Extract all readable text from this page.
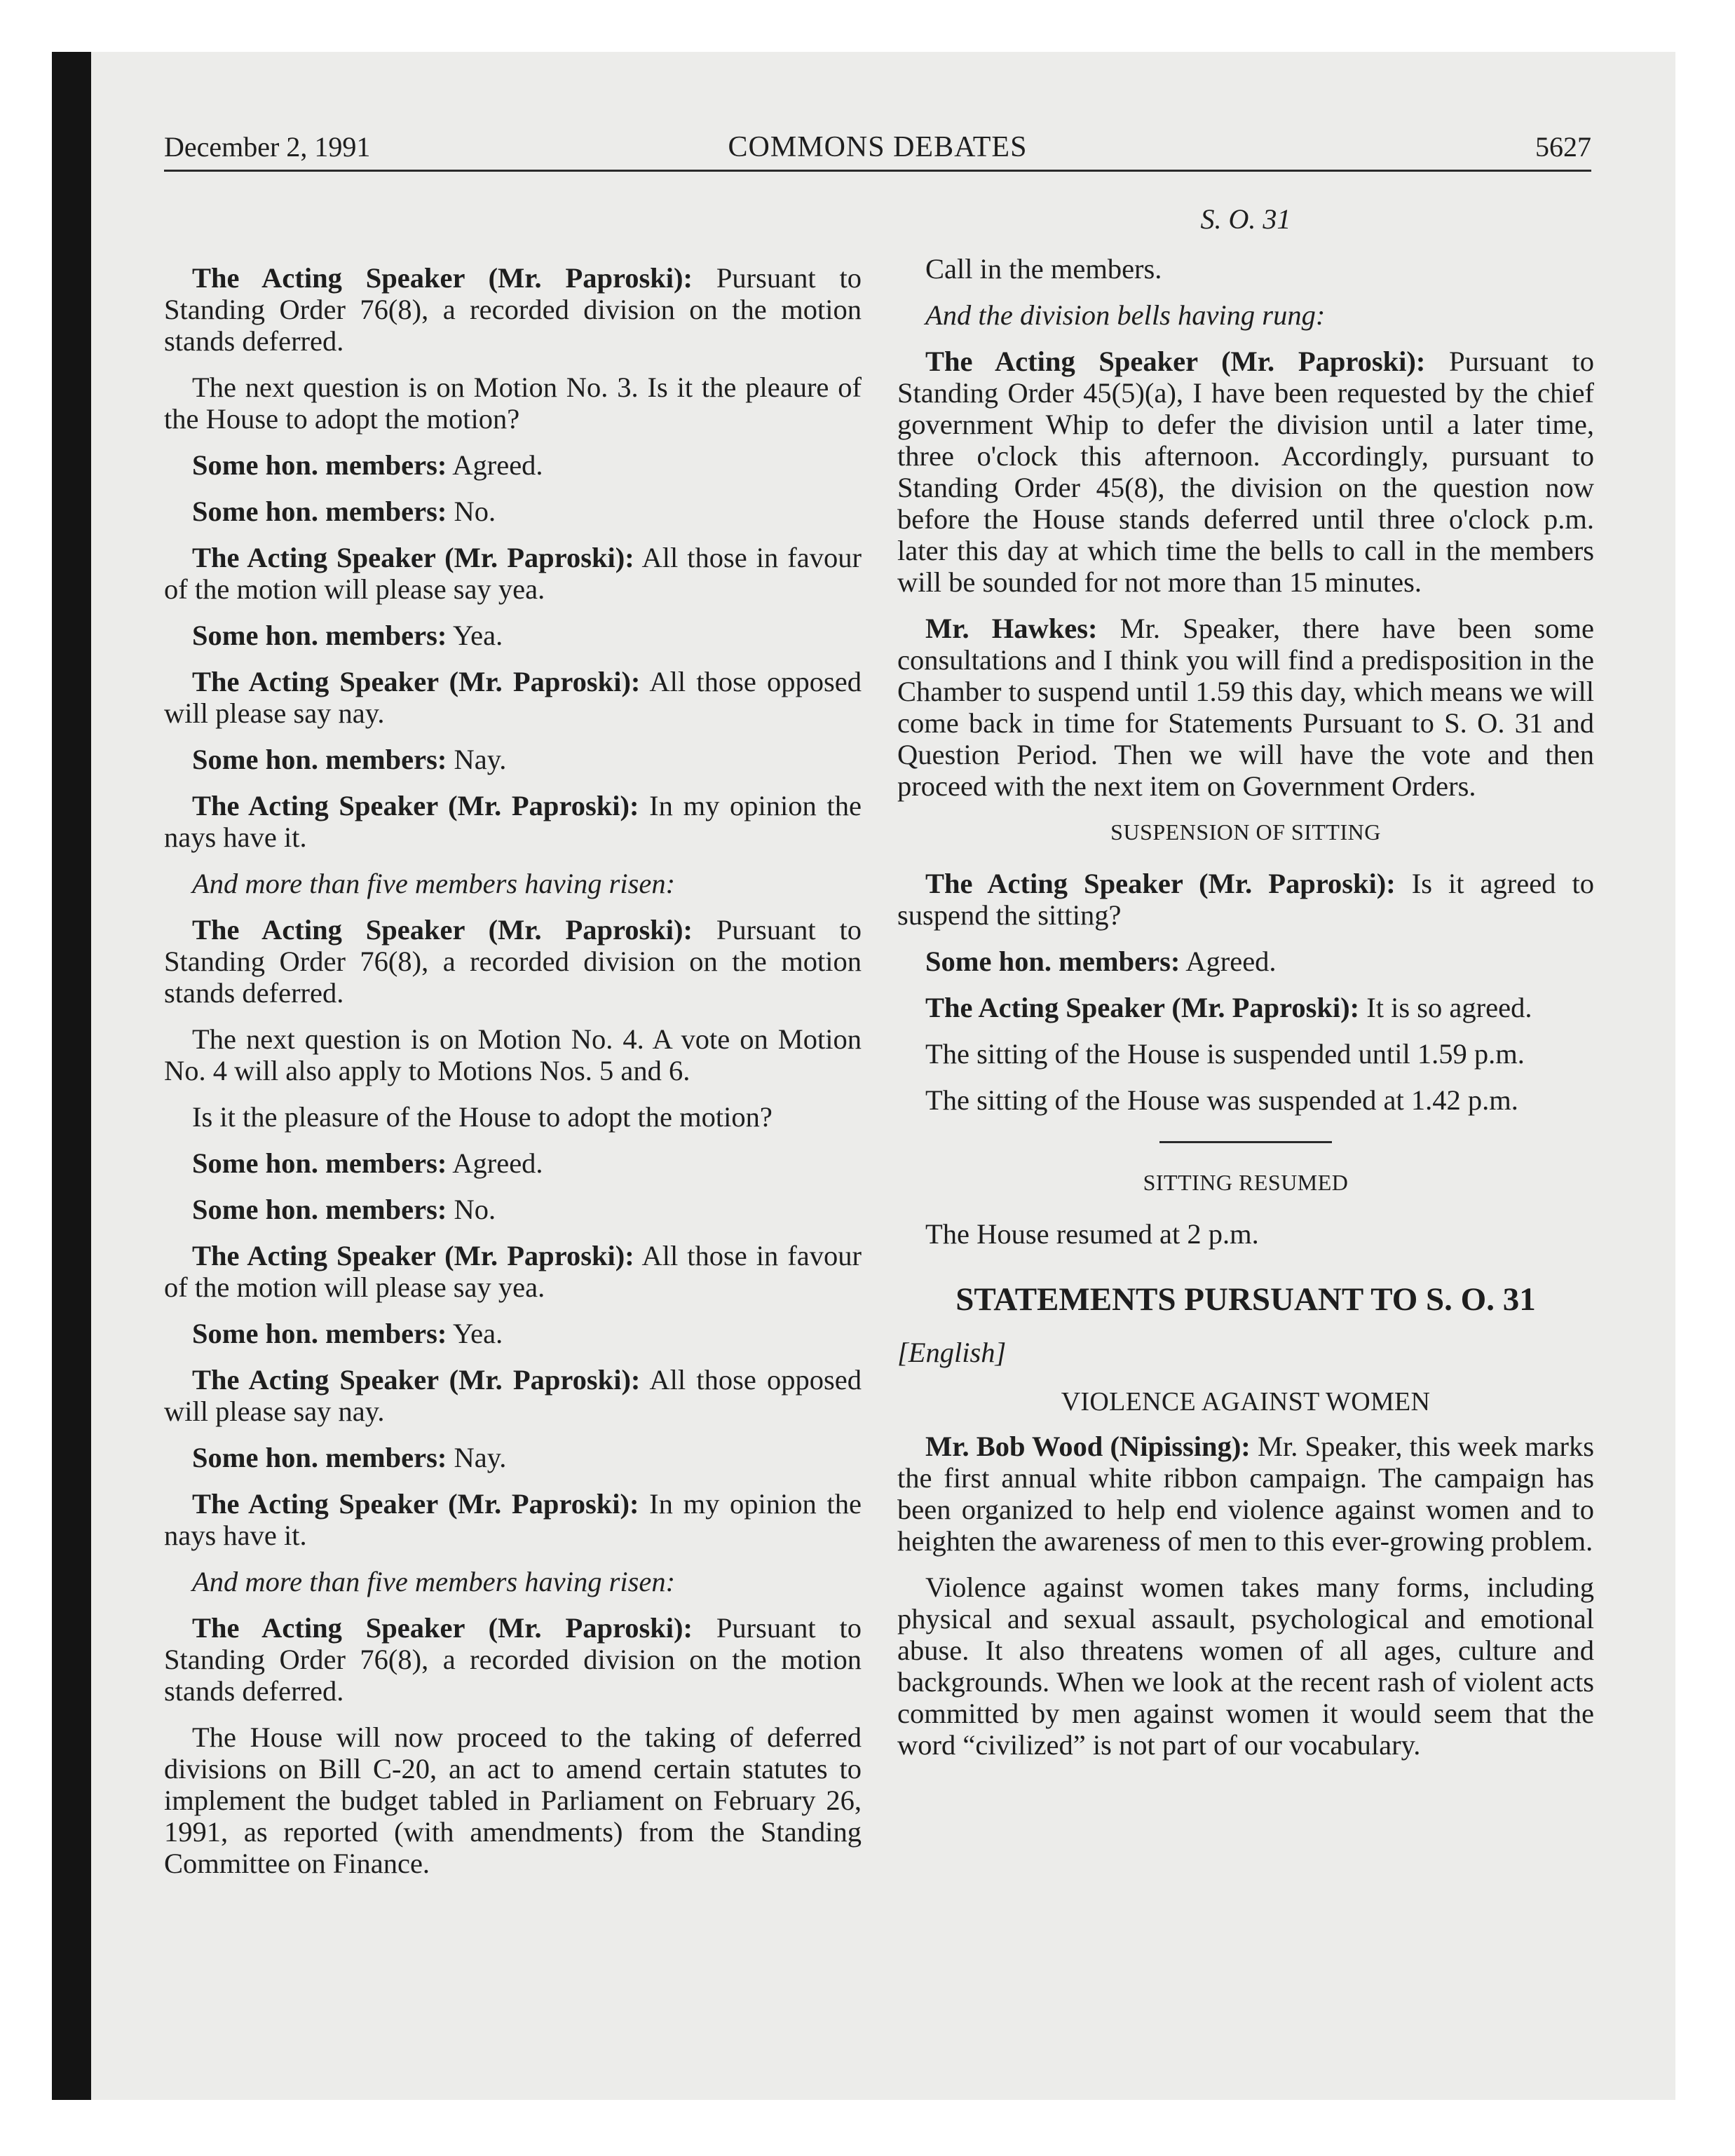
December 2, 1991	COMMONS DEBATES	5627

The Acting Speaker (Mr. Paproski): Pursuant to Standing Order 76(8), a recorded division on the motion stands deferred.

The next question is on Motion No. 3. Is it the pleaure of the House to adopt the motion?

Some hon. members: Agreed.

Some hon. members: No.

The Acting Speaker (Mr. Paproski): All those in favour of the motion will please say yea.

Some hon. members: Yea.

The Acting Speaker (Mr. Paproski): All those opposed will please say nay.

Some hon. members: Nay.

The Acting Speaker (Mr. Paproski): In my opinion the nays have it.

And more than five members having risen:

The Acting Speaker (Mr. Paproski): Pursuant to Standing Order 76(8), a recorded division on the motion stands deferred.

The next question is on Motion No. 4. A vote on Motion No. 4 will also apply to Motions Nos. 5 and 6.

Is it the pleasure of the House to adopt the motion?

Some hon. members: Agreed.

Some hon. members: No.

The Acting Speaker (Mr. Paproski): All those in favour of the motion will please say yea.

Some hon. members: Yea.

The Acting Speaker (Mr. Paproski): All those opposed will please say nay.

Some hon. members: Nay.

The Acting Speaker (Mr. Paproski): In my opinion the nays have it.

And more than five members having risen:

The Acting Speaker (Mr. Paproski): Pursuant to Standing Order 76(8), a recorded division on the motion stands deferred.

The House will now proceed to the taking of deferred divisions on Bill C-20, an act to amend certain statutes to implement the budget tabled in Parliament on February 26, 1991, as reported (with amendments) from the Standing Committee on Finance.

S. O. 31

Call in the members.

And the division bells having rung:

The Acting Speaker (Mr. Paproski): Pursuant to Standing Order 45(5)(a), I have been requested by the chief government Whip to defer the division until a later time, three o'clock this afternoon. Accordingly, pursuant to Standing Order 45(8), the division on the question now before the House stands deferred until three o'clock p.m. later this day at which time the bells to call in the members will be sounded for not more than 15 minutes.

Mr. Hawkes: Mr. Speaker, there have been some consultations and I think you will find a predisposition in the Chamber to suspend until 1.59 this day, which means we will come back in time for Statements Pursuant to S. O. 31 and Question Period. Then we will have the vote and then proceed with the next item on Government Orders.

SUSPENSION OF SITTING

The Acting Speaker (Mr. Paproski): Is it agreed to suspend the sitting?

Some hon. members: Agreed.

The Acting Speaker (Mr. Paproski): It is so agreed.

The sitting of the House is suspended until 1.59 p.m.

The sitting of the House was suspended at 1.42 p.m.

SITTING RESUMED

The House resumed at 2 p.m.

STATEMENTS PURSUANT TO S. O. 31

[English]

VIOLENCE AGAINST WOMEN

Mr. Bob Wood (Nipissing): Mr. Speaker, this week marks the first annual white ribbon campaign. The campaign has been organized to help end violence against women and to heighten the awareness of men to this ever-growing problem.

Violence against women takes many forms, including physical and sexual assault, psychological and emotional abuse. It also threatens women of all ages, culture and backgrounds. When we look at the recent rash of violent acts committed by men against women it would seem that the word “civilized” is not part of our vocabulary.
